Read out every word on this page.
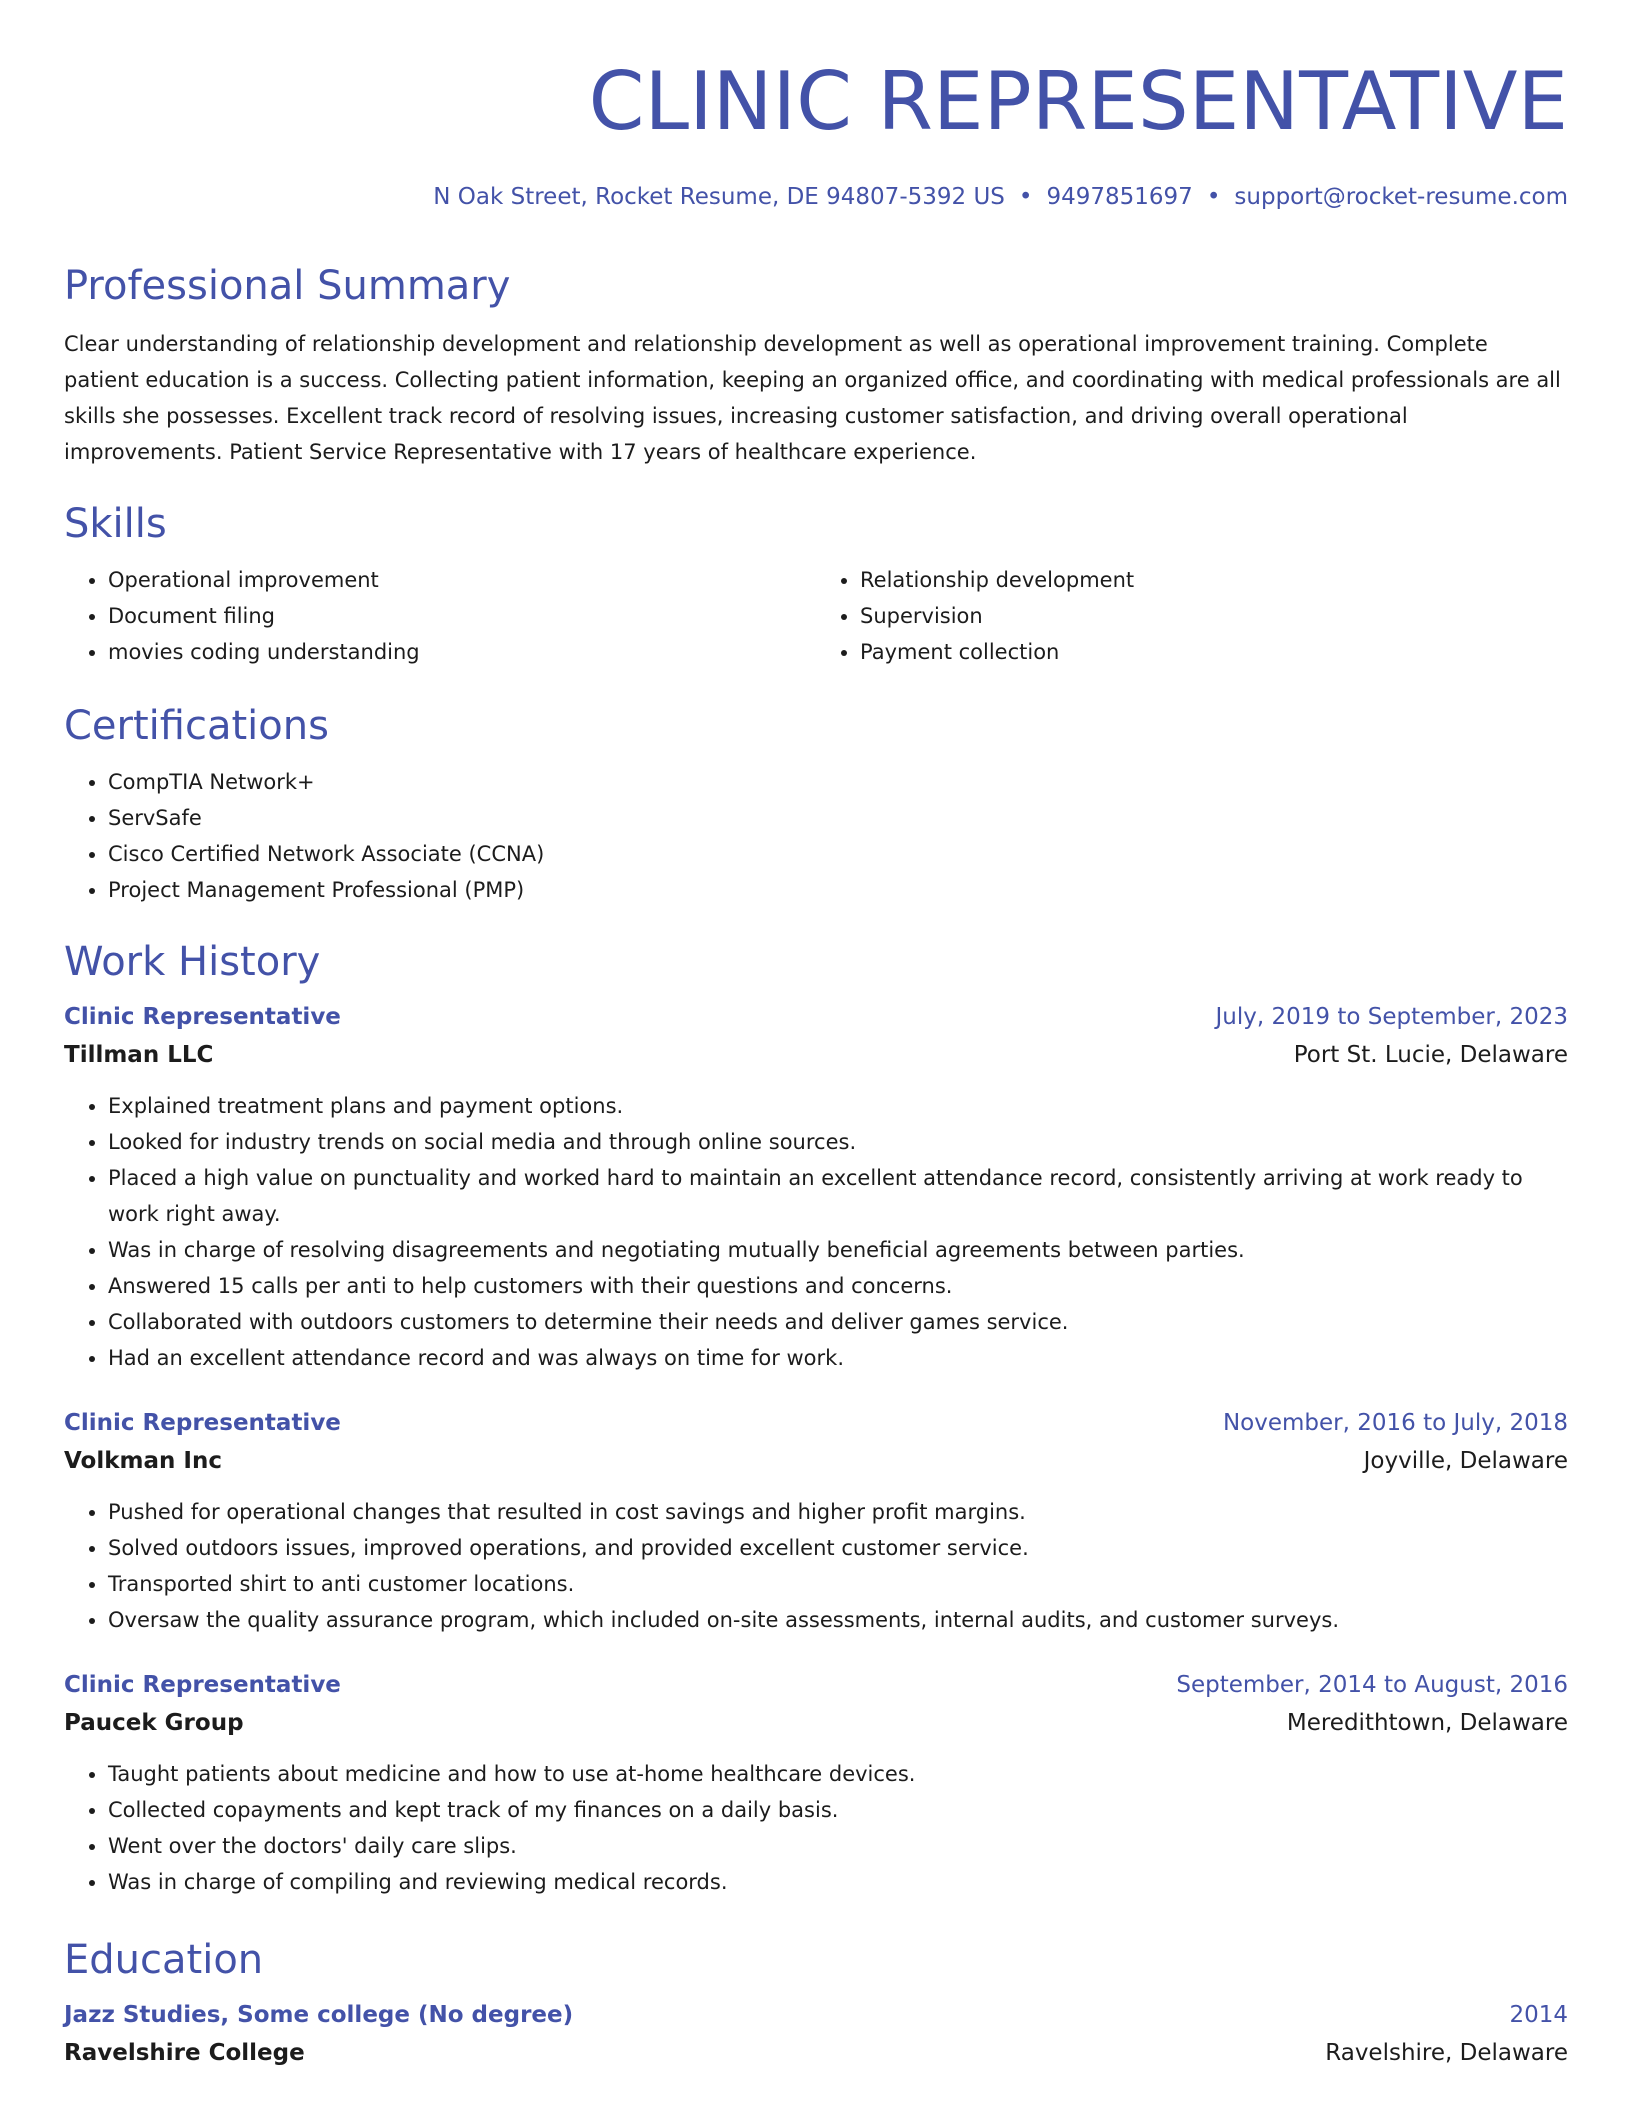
CLINIC REPRESENTATIVE
N Oak Street, Rocket Resume, DE 94807-5392 US • 9497851697 • support@rocket-resume.com
Professional Summary

Clear understanding of relationship development and relationship development as well as operational improvement training. Complete patient education is a success. Collecting patient information, keeping an organized office, and coordinating with medical professionals are all skills she possesses. Excellent track record of resolving issues, increasing customer satisfaction, and driving overall operational improvements. Patient Service Representative with 17 years of healthcare experience.

Skills
• Operational improvement
• Document filing
• movies coding understanding
• Relationship development
• Supervision
• Payment collection
Certifications
• CompTIA Network+
• ServSafe
• Cisco Certified Network Associate (CCNA)
• Project Management Professional (PMP)
Work History
Clinic Representative	July, 2019 to September, 2023
Tillman LLC	Port St. Lucie, Delaware
• Explained treatment plans and payment options.
• Looked for industry trends on social media and through online sources.
• Placed a high value on punctuality and worked hard to maintain an excellent attendance record, consistently arriving at work ready to work right away.
• Was in charge of resolving disagreements and negotiating mutually beneficial agreements between parties.
• Answered 15 calls per anti to help customers with their questions and concerns.
• Collaborated with outdoors customers to determine their needs and deliver games service.
• Had an excellent attendance record and was always on time for work.
Clinic Representative	November, 2016 to July, 2018
Volkman Inc	Joyville, Delaware
• Pushed for operational changes that resulted in cost savings and higher profit margins.
• Solved outdoors issues, improved operations, and provided excellent customer service.
• Transported shirt to anti customer locations.
• Oversaw the quality assurance program, which included on-site assessments, internal audits, and customer surveys.
Clinic Representative	September, 2014 to August, 2016
Paucek Group	Meredithtown, Delaware
• Taught patients about medicine and how to use at-home healthcare devices.
• Collected copayments and kept track of my finances on a daily basis.
• Went over the doctors' daily care slips.
• Was in charge of compiling and reviewing medical records.
Education
Jazz Studies, Some college (No degree)	2014
Ravelshire College	Ravelshire, Delaware
